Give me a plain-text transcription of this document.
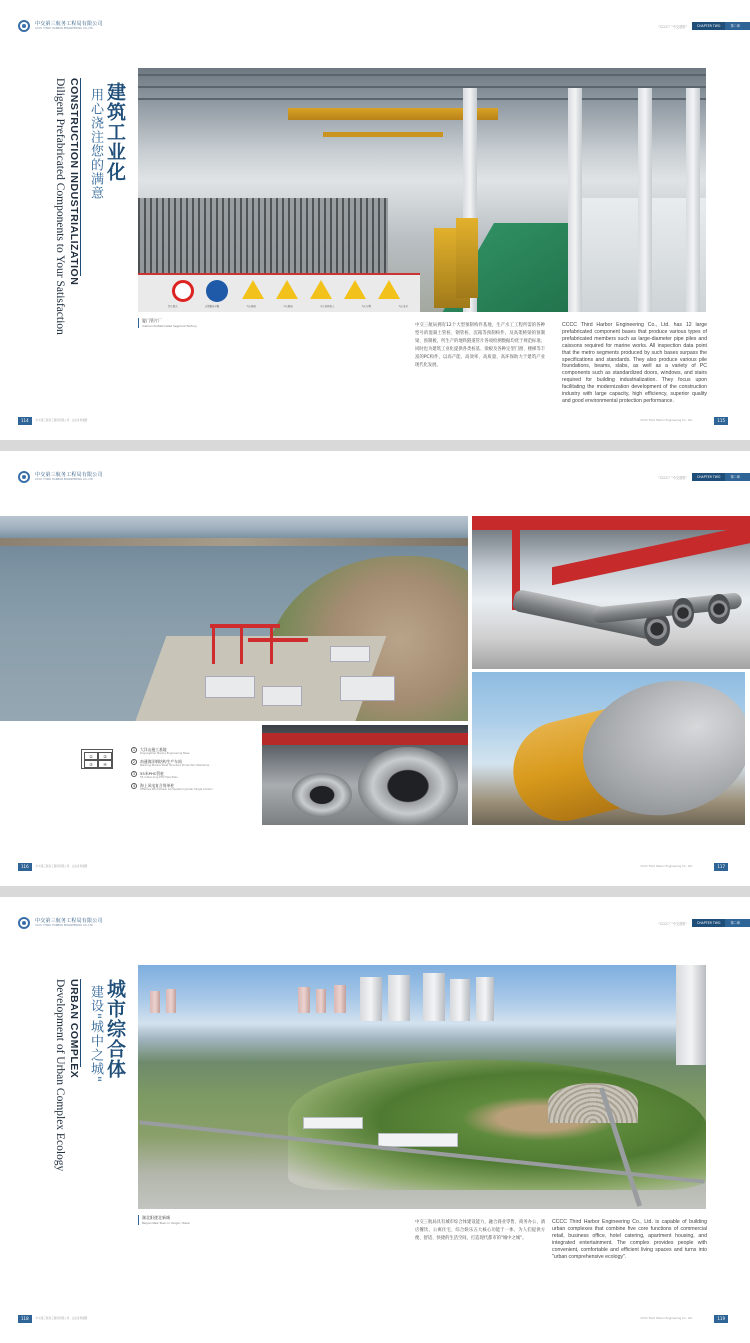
中交第三航务工程局有限公司
CCCC THIRD HARBOR ENGINEERING CO.,LTD	"CCCC" "中交建筑"	CHAPTER TWO	第二章
建筑工业化
用心浇注您的满意
CONSTRUCTION INDUSTRIALIZATION
Diligent Prefabricated Components to Your Satisfaction	禁止烟火	必须戴安全帽	当心触电	当心触电	当心机械伤人	当心吊物	当心安全
厦门管片厂
Xiamen Prefabricated Segment Factory	中交三航局拥有12个大型预制构件基地，生产水工工程所需的各种型号的混凝土管桩、钢管桩、沉箱等预制构件，及高架桥梁的预制梁、预制板，所生产的地铁隧道管片各项检测数据均优于规范标准；同时也为建筑工业化提供各类桩基、梁板及各种定型门窗、楼梯等丰富的PC构件，以高产能、高效率、高质量、高环保助力于建筑产业现代化发展。
CCCC Third Harbor Engineering Co., Ltd. has 12 large prefabricated component bases that produce various types of prefabricated members such as large-diameter pipe piles and caissons required for marine works. All inspection data point that the metro segments produced by such bases surpass the specifications and standards. They also produce various pile foundations, beams, slabs, as well as a variety of PC components such as standardized doors, windows, and stairs required for building industrialization. They focus upon facilitating the modernization development of the construction industry with large capacity, high efficiency, superior quality and good environmental protection performance.
114	中交第三航务工程局有限公司 · 企业宣传画册	CCCC Third Harbor Engineering Co., Ltd.	115
中交第三航务工程局有限公司
CCCC THIRD HARBOR ENGINEERING CO.,LTD	"CCCC" "中交建筑"	CHAPTER TWO	第二章
①	②
③	④
1	大洋山施工基地
Dayangshan Marine Engineering Base
2	南通海洋钢结构生产车间
Nantong Marine Steel Structure Production Workshop
3	55米PHC管桩
55-meter-long PHC Pipe Piles
4	海上风电复合筒单柱
Offshore Wind Power Composite Cylinder Single Column
116	中交第三航务工程局有限公司 · 企业宣传画册	CCCC Third Harbor Engineering Co., Ltd.	117
中交第三航务工程局有限公司
CCCC THIRD HARBOR ENGINEERING CO.,LTD	"CCCC" "中交建筑"	CHAPTER TWO	第二章
城市综合体
建设"城中之城"
URBAN COMPLEX
Development of Urban Complex Ecology
湖北阳逻北新城
Beiyan New Town in Yangxi, Hubei	中交三航局具有城市综合体建设能力，融合商业零售、商务办公、酒店餐饮、公寓住宅、综合娱乐五大核心功能于一体，为人们提供方便、舒适、快捷的生活空间，打造现代都市的"城中之城"。
CCCC Third Harbor Engineering Co., Ltd. is capable of building urban complexes that combine five core functions of commercial retail, business office, hotel catering, apartment housing, and integrated entertainment. The complex provides people with convenient, comfortable and efficient living spaces and turns into "urban comprehensive ecology".
118	中交第三航务工程局有限公司 · 企业宣传画册	CCCC Third Harbor Engineering Co., Ltd.	119
